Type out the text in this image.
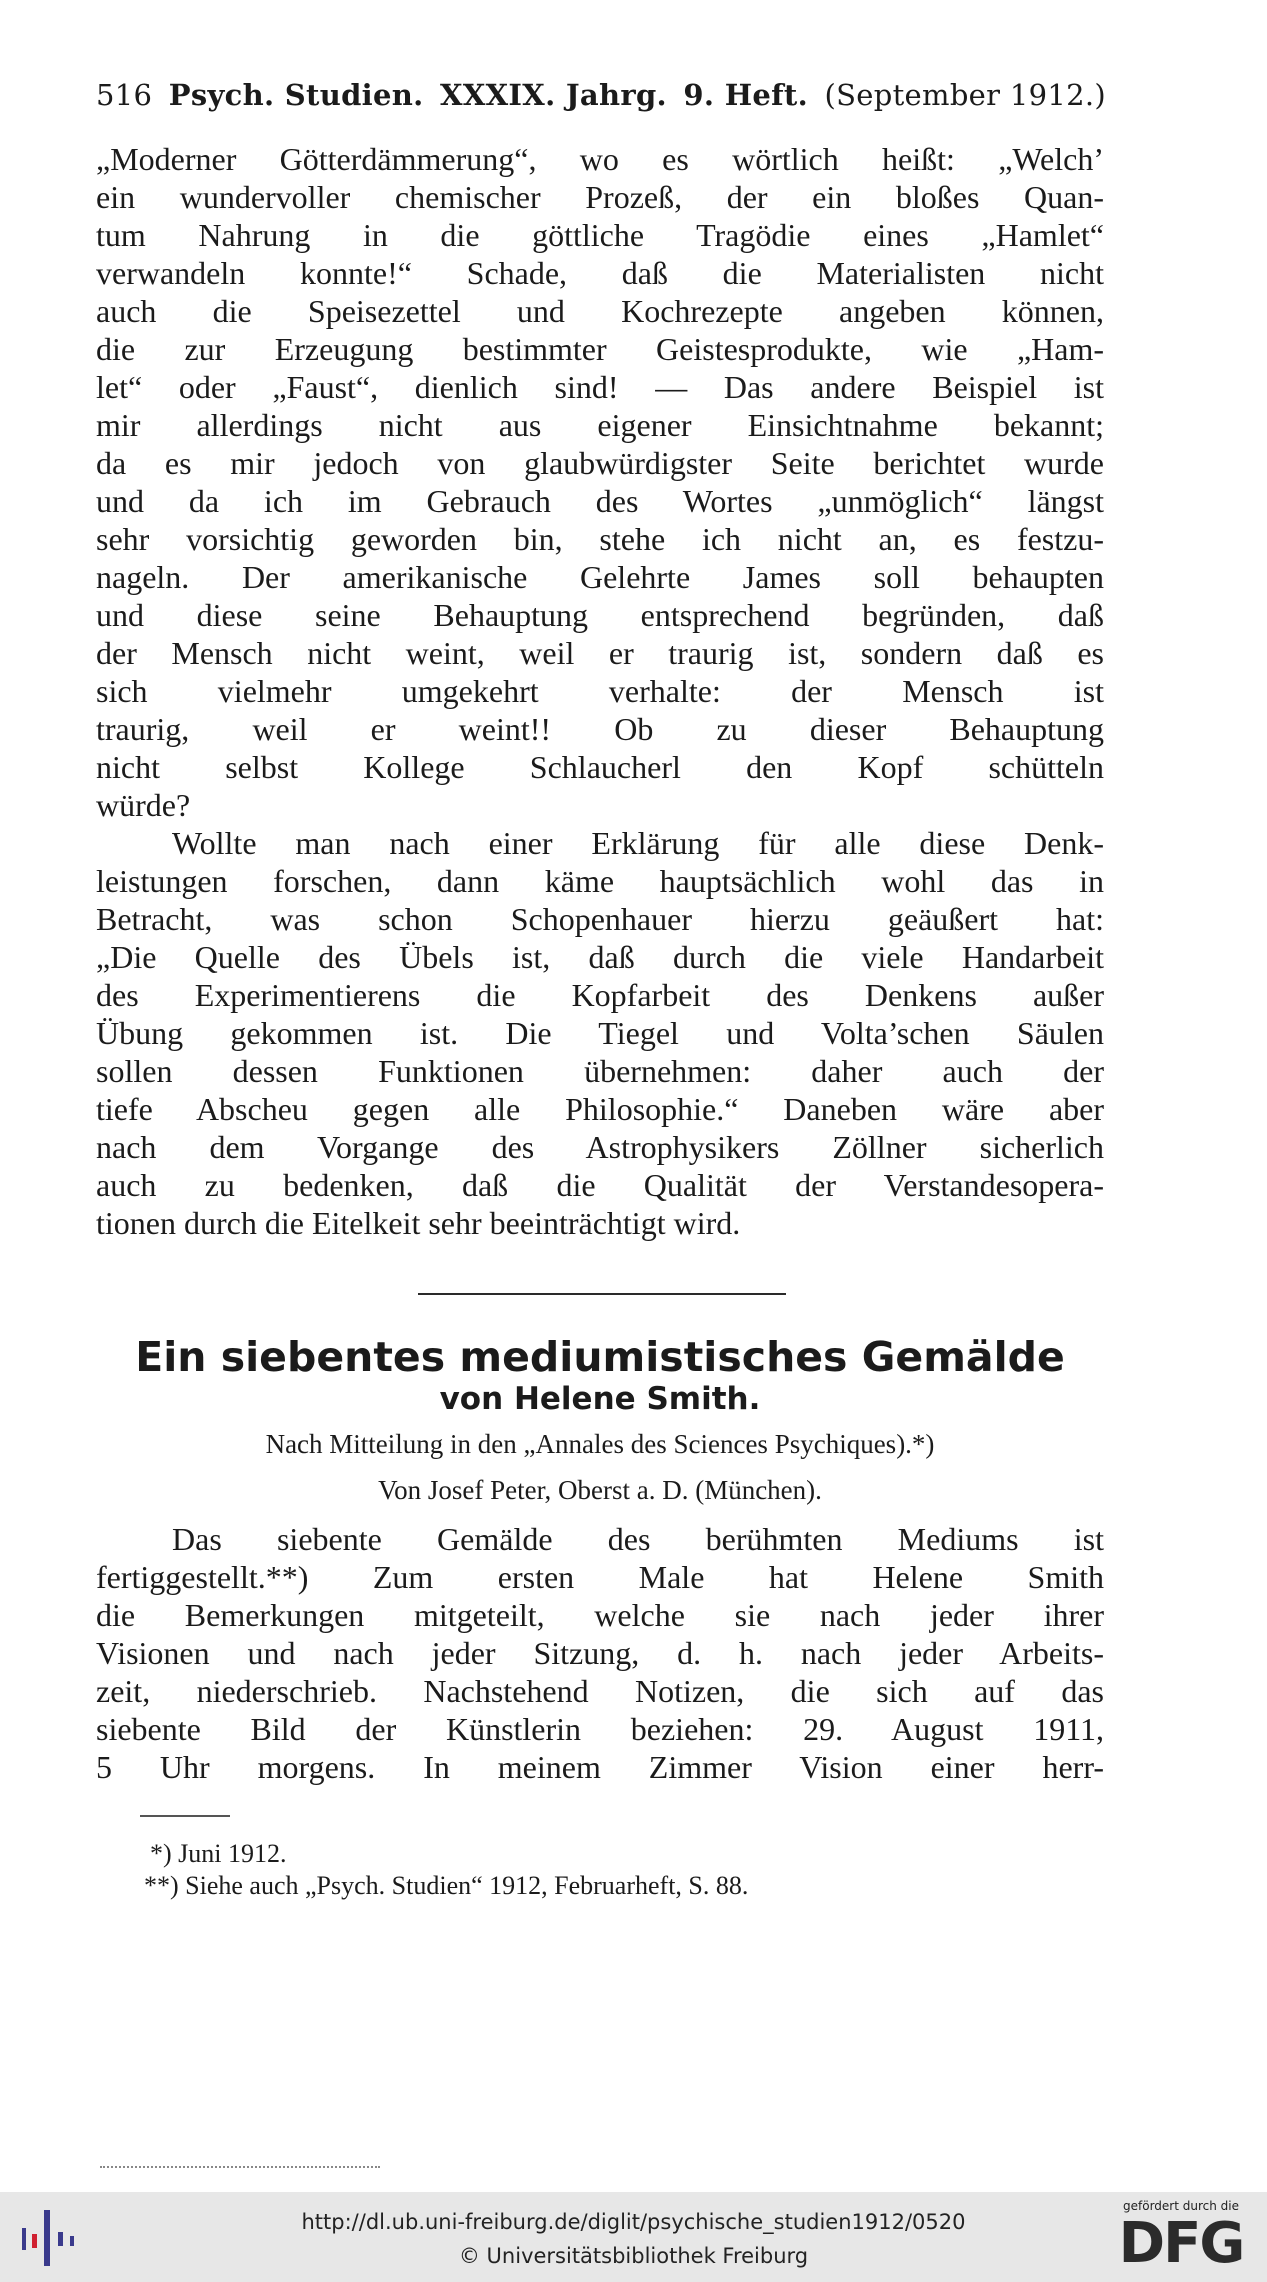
516 Psych. Studien. XXXIX. Jahrg. 9. Heft. (September 1912.)
„Moderner Götterdämmerung“, wo es wörtlich heißt: „Welch’
ein wundervoller chemischer Prozeß, der ein bloßes Quan-
tum Nahrung in die göttliche Tragödie eines „Hamlet“
verwandeln konnte!“ Schade, daß die Materialisten nicht
auch die Speisezettel und Kochrezepte angeben können,
die zur Erzeugung bestimmter Geistesprodukte, wie „Ham-
let“ oder „Faust“, dienlich sind! — Das andere Beispiel ist
mir allerdings nicht aus eigener Einsichtnahme bekannt;
da es mir jedoch von glaubwürdigster Seite berichtet wurde
und da ich im Gebrauch des Wortes „unmöglich“ längst
sehr vorsichtig geworden bin, stehe ich nicht an, es festzu-
nageln. Der amerikanische Gelehrte James soll behaupten
und diese seine Behauptung entsprechend begründen, daß
der Mensch nicht weint, weil er traurig ist, sondern daß es
sich vielmehr umgekehrt verhalte: der Mensch ist
traurig, weil er weint!! Ob zu dieser Behauptung
nicht selbst Kollege Schlaucherl den Kopf schütteln
würde?
Wollte man nach einer Erklärung für alle diese Denk-
leistungen forschen, dann käme hauptsächlich wohl das in
Betracht, was schon Schopenhauer hierzu geäußert hat:
„Die Quelle des Übels ist, daß durch die viele Handarbeit
des Experimentierens die Kopfarbeit des Denkens außer
Übung gekommen ist. Die Tiegel und Volta’schen Säulen
sollen dessen Funktionen übernehmen: daher auch der
tiefe Abscheu gegen alle Philosophie.“ Daneben wäre aber
nach dem Vorgange des Astrophysikers Zöllner sicherlich
auch zu bedenken, daß die Qualität der Verstandesopera-
tionen durch die Eitelkeit sehr beeinträchtigt wird.
Ein siebentes mediumistisches Gemälde
von Helene Smith.
Nach Mitteilung in den „Annales des Sciences Psychiques).*)
Von Josef Peter, Oberst a. D. (München).
Das siebente Gemälde des berühmten Mediums ist
fertiggestellt.**) Zum ersten Male hat Helene Smith
die Bemerkungen mitgeteilt, welche sie nach jeder ihrer
Visionen und nach jeder Sitzung, d. h. nach jeder Arbeits-
zeit, niederschrieb. Nachstehend Notizen, die sich auf das
siebente Bild der Künstlerin beziehen: 29. August 1911,
5 Uhr morgens. In meinem Zimmer Vision einer herr-
*) Juni 1912.
**) Siehe auch „Psych. Studien“ 1912, Februarheft, S. 88.
http://dl.ub.uni-freiburg.de/diglit/psychische_studien1912/0520
© Universitätsbibliothek Freiburg
gefördert durch die
DFG
